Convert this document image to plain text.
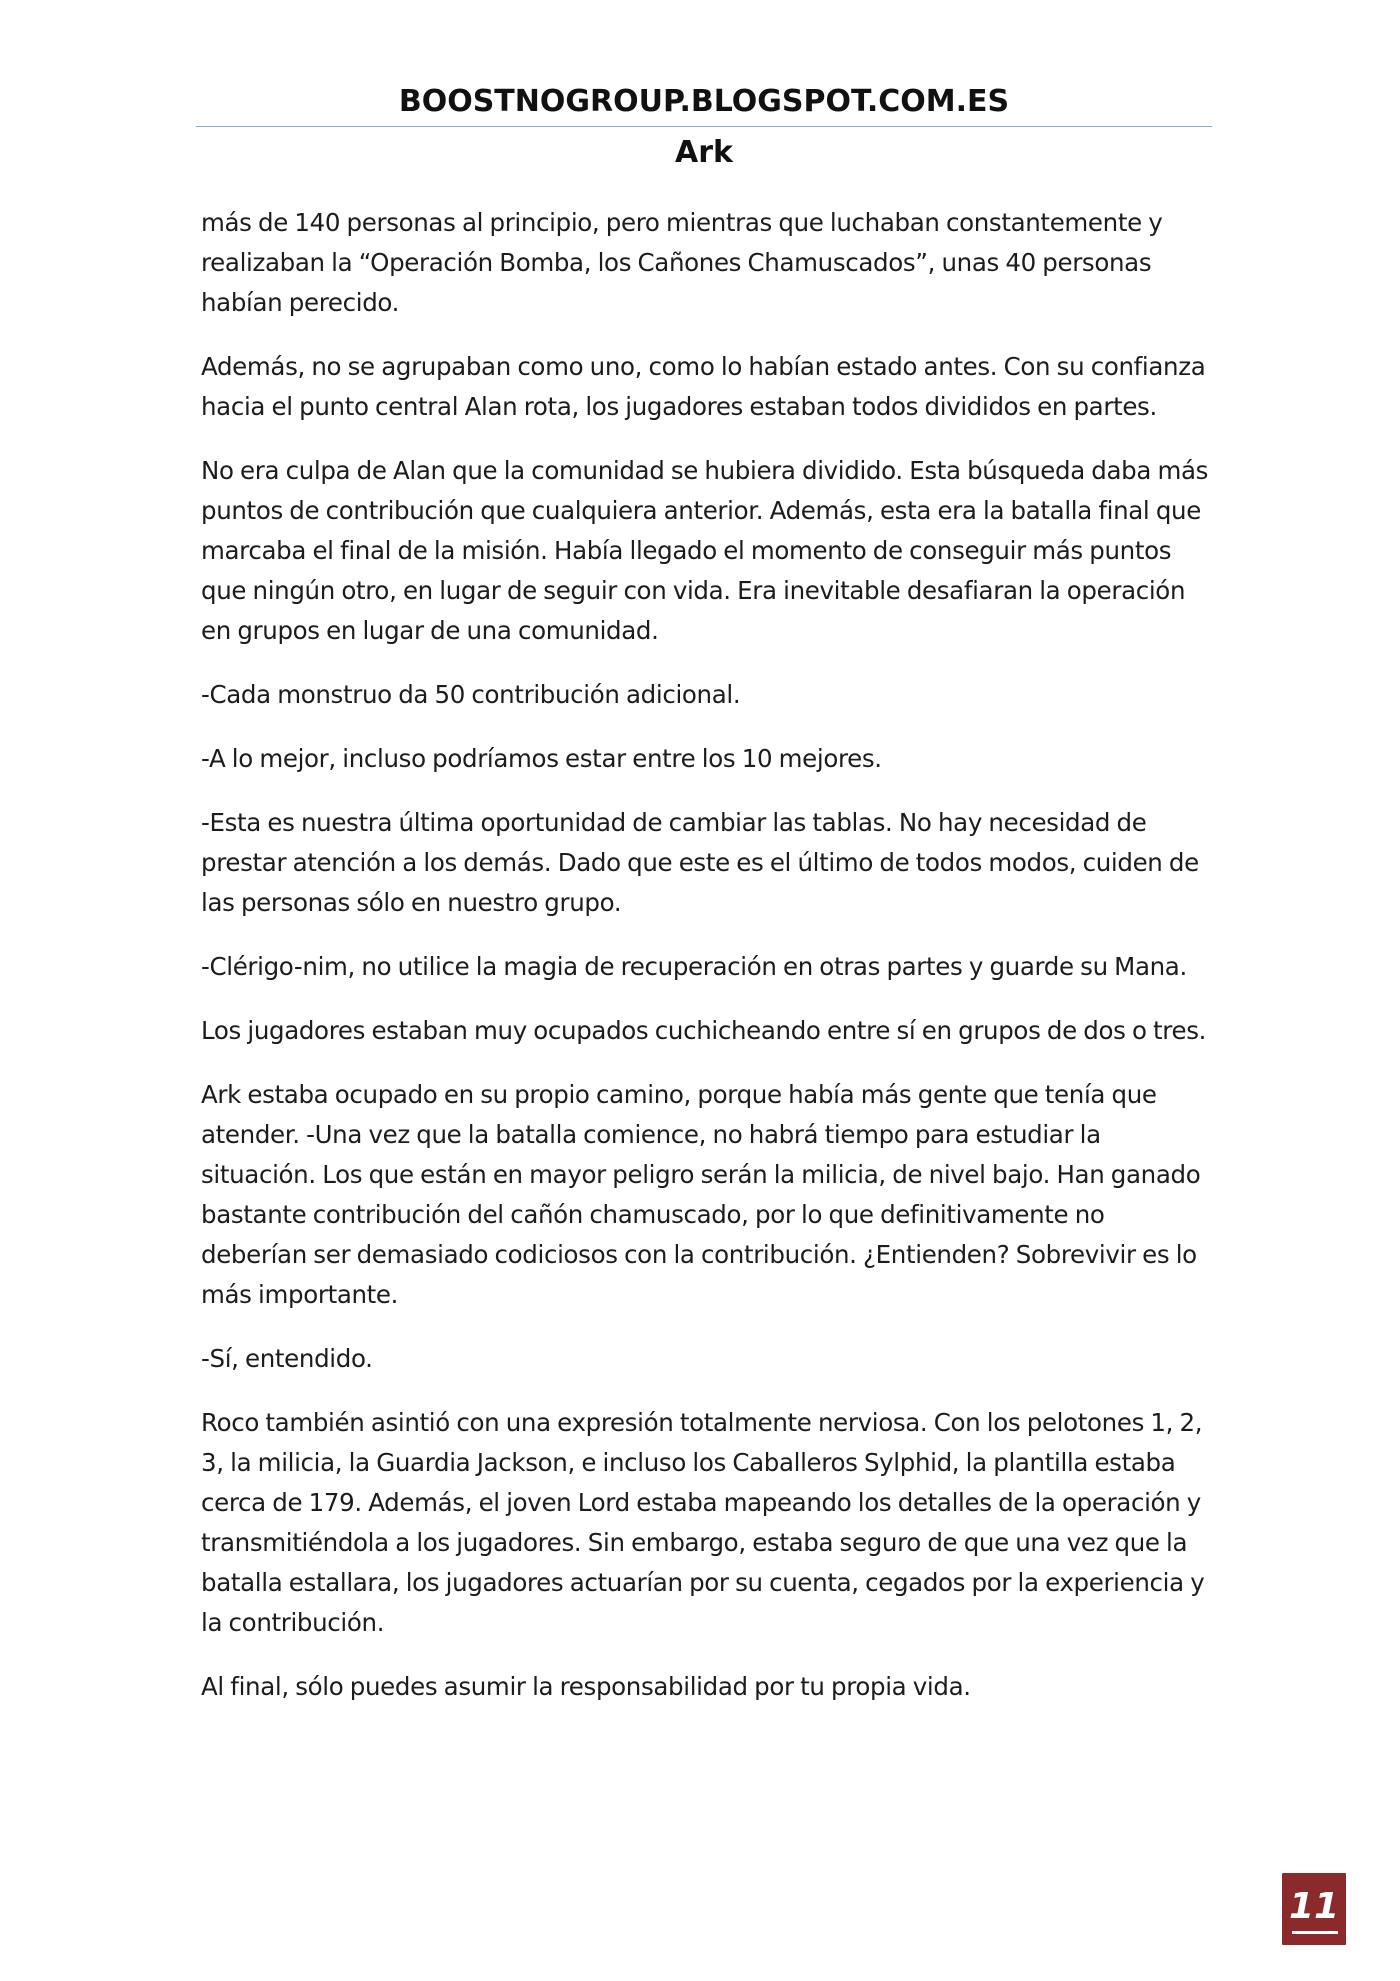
BOOSTNOGROUP.BLOGSPOT.COM.ES
Ark

más de 140 personas al principio, pero mientras que luchaban constantemente y realizaban la “Operación Bomba, los Cañones Chamuscados”, unas 40 personas habían perecido.

Además, no se agrupaban como uno, como lo habían estado antes. Con su confianza hacia el punto central Alan rota, los jugadores estaban todos divididos en partes.

No era culpa de Alan que la comunidad se hubiera dividido. Esta búsqueda daba más puntos de contribución que cualquiera anterior. Además, esta era la batalla final que marcaba el final de la misión. Había llegado el momento de conseguir más puntos que ningún otro, en lugar de seguir con vida. Era inevitable desafiaran la operación en grupos en lugar de una comunidad.

-Cada monstruo da 50 contribución adicional.

-A lo mejor, incluso podríamos estar entre los 10 mejores.

-Esta es nuestra última oportunidad de cambiar las tablas. No hay necesidad de prestar atención a los demás. Dado que este es el último de todos modos, cuiden de las personas sólo en nuestro grupo.

-Clérigo-nim, no utilice la magia de recuperación en otras partes y guarde su Mana.

Los jugadores estaban muy ocupados cuchicheando entre sí en grupos de dos o tres.

Ark estaba ocupado en su propio camino, porque había más gente que tenía que atender. -Una vez que la batalla comience, no habrá tiempo para estudiar la situación. Los que están en mayor peligro serán la milicia, de nivel bajo. Han ganado bastante contribución del cañón chamuscado, por lo que definitivamente no deberían ser demasiado codiciosos con la contribución. ¿Entienden? Sobrevivir es lo más importante.

-Sí, entendido.

Roco también asintió con una expresión totalmente nerviosa. Con los pelotones 1, 2, 3, la milicia, la Guardia Jackson, e incluso los Caballeros Sylphid, la plantilla estaba cerca de 179. Además, el joven Lord estaba mapeando los detalles de la operación y transmitiéndola a los jugadores. Sin embargo, estaba seguro de que una vez que la batalla estallara, los jugadores actuarían por su cuenta, cegados por la experiencia y la contribución.

Al final, sólo puedes asumir la responsabilidad por tu propia vida.

11
